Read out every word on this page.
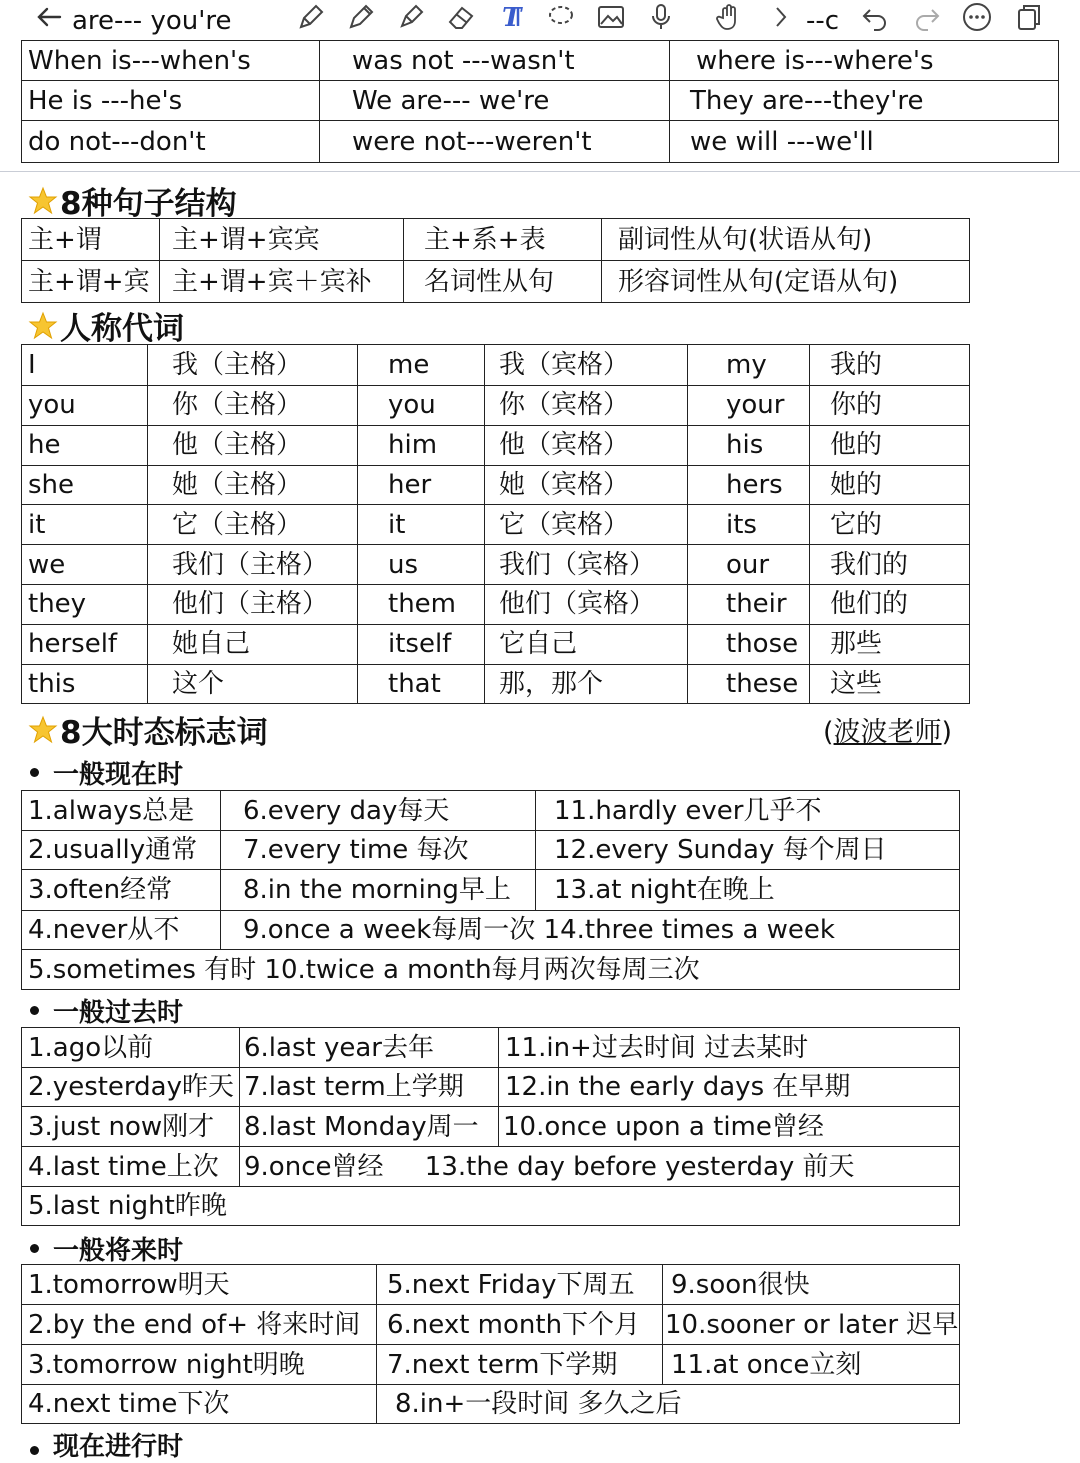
T
are--- you're	--c
When is---when's	was not ---wasn't	where is---where's
He is ---he's	We are--- we're	They are---they're
do not---don't	were not---weren't	we will ---we'll
8种句子结构
主+谓	主+谓+宾宾	主+系+表	副词性从句(状语从句)
主+谓+宾	主+谓+宾＋宾补	名词性从句	形容词性从句(定语从句)
人称代词
I	我（主格）	me	我（宾格）	my	我的
you	你（主格）	you	你（宾格）	your	你的
he	他（主格）	him	他（宾格）	his	他的
she	她（主格）	her	她（宾格）	hers	她的
it	它（主格）	it	它（宾格）	its	它的
we	我们（主格）	us	我们（宾格）	our	我们的
they	他们（主格）	them	他们（宾格）	their	他们的
herself	她自己	itself	它自己	those	那些
this	这个	that	那，那个	these	这些
8大时态标志词	(波波老师)
一般现在时
1.always总是	6.every day每天	11.hardly ever几乎不
2.usually通常	7.every time 每次	12.every Sunday 每个周日
3.often经常	8.in the morning早上	13.at night在晚上
4.never从不	9.once a week每周一次 14.three times a week	
5.sometimes 有时 10.twice a month每月两次每周三次		
一般过去时
1.ago以前	6.last year去年	11.in+过去时间 过去某时
2.yesterday昨天	7.last term上学期	12.in the early days 在早期
3.just now刚才	8.last Monday周一	10.once upon a time曾经
4.last time上次	9.once曾经     13.the day before yesterday 前天	
5.last night昨晚		
一般将来时
1.tomorrow明天	5.next Friday下周五	9.soon很快
2.by the end of+ 将来时间	6.next month下个月	10.sooner or later 迟早
3.tomorrow night明晚	7.next term下学期	11.at once立刻
4.next time下次	8.in+一段时间 多久之后	
现在进行时
